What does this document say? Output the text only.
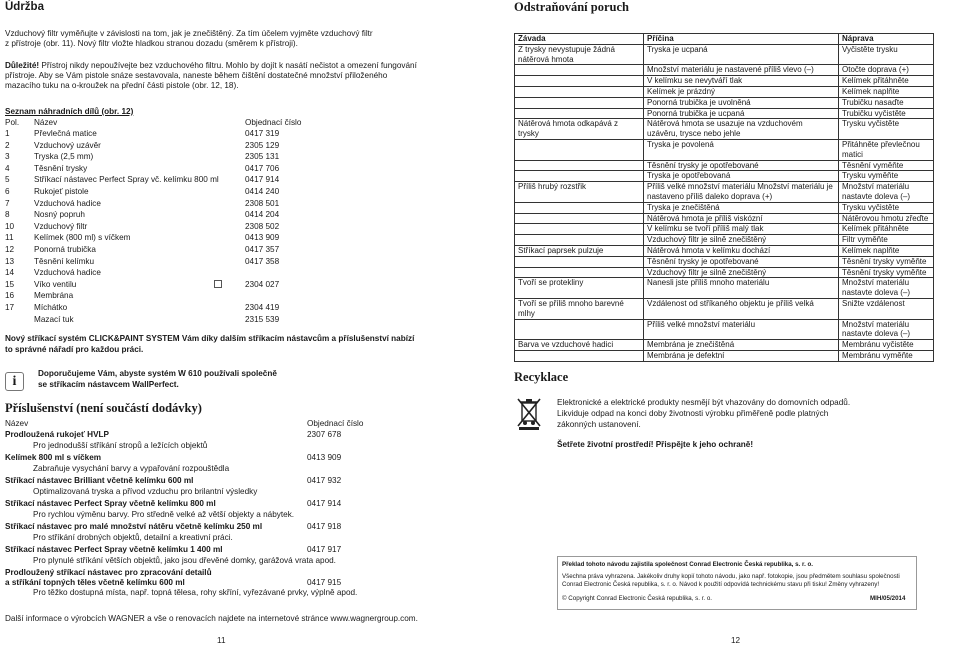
Údržba
Vzduchový filtr vyměňujte v závislosti na tom, jak je znečištěný. Za tím účelem vyjměte vzduchový filtr
z přístroje (obr. 11). Nový filtr vložte hladkou stranou dozadu (směrem k přístroji).
Důležité! Přístroj nikdy nepoužívejte bez vzduchového filtru. Mohlo by dojít k nasátí nečistot a omezení fungování
přístroje. Aby se Vám pistole snáze sestavovala, naneste během čištění dostatečné množství přiloženého
mazacího tuku na o-kroužek na přední části pistole (obr. 12, 18).
Seznam náhradních dílů (obr. 12)
Pol. Název	Objednací číslo
1	Převlečná matice	0417 319
2	Vzduchový uzávěr	2305 129
3	Tryska (2,5 mm)	2305 131
4	Těsnění trysky	0417 706
5	Stříkací nástavec Perfect Spray vč. kelímku 800 ml	0417 914
6	Rukojeť pistole	0414 240
7	Vzduchová hadice	2308 501
8	Nosný popruh	0414 204
10 Vzduchový filtr	2308 502
11	Kelímek (800 ml) s víčkem	0413 909
12 Ponorná trubička	0417 357
13 Těsnění kelímku	0417 358
14 Vzduchová hadice
15 Víko ventilu	2304 027
16 Membrána
17 Míchátko	2304 419
Mazací tuk	2315 539
Nový stříkací systém CLICK&PAINT SYSTEM Vám díky dalším stříkacím nástavcům a příslušenství nabízí
to správné nářadí pro každou práci.
i
Doporučujeme Vám, abyste systém W 610 používali společně
se stříkacím nástavcem WallPerfect.
Příslušenství (není součástí dodávky)
Název	Objednací číslo
Prodloužená rukojeť HVLP	2307 678
Pro jednodušší stříkání stropů a ležících objektů
Kelímek 800 ml s víčkem	0413 909
Zabraňuje vysychání barvy a vypařování rozpouštědla
Stříkací nástavec Brilliant včetně kelímku 600 ml	0417 932
Optimalizovaná tryska a přívod vzduchu pro brilantní výsledky
Stříkací nástavec Perfect Spray včetně kelímku 800 ml	0417 914
Pro rychlou výměnu barvy. Pro středně velké až větší objekty a nábytek.
Stříkací nástavec pro malé množství nátěru včetně kelímku 250 ml	0417 918
Pro stříkání drobných objektů, detailní a kreativní práci.
Stříkací nástavec Perfect Spray včetně kelímku 1 400 ml	0417 917
Pro plynulé stříkání větších objektů, jako jsou dřevěné domky, garážová vrata apod.
Prodloužený stříkací nástavec pro zpracování detailů
a stříkání topných těles včetně kelímku 600 ml	0417 915
Pro těžko dostupná místa, např. topná tělesa, rohy skříní, vyřezávané prvky, výplně apod.
Další informace o výrobcích WAGNER a vše o renovacích najdete na internetové stránce www.wagnergroup.com.
11
Odstraňování poruch
Závada	Příčina	Náprava
Z trysky nevystupuje žádná nátěrová hmota	Tryska je ucpaná	Vyčistěte trysku
	Množství materiálu je nastavené příliš vlevo (–)	Otočte doprava (+)
	V kelímku se nevytváří tlak	Kelímek přitáhněte
	Kelímek je prázdný	Kelímek naplňte
	Ponorná trubička je uvolněná	Trubičku nasaďte
	Ponorná trubička je ucpaná	Trubičku vyčistěte
Nátěrová hmota odkapává z trysky	Nátěrová hmota se usazuje na vzduchovém uzávěru, trysce nebo jehle	Trysku vyčistěte
	Tryska je povolená	Přitáhněte převlečnou matici
	Těsnění trysky je opotřebované	Těsnění vyměňte
	Tryska je opotřebovaná	Trysku vyměňte
Příliš hrubý rozstřik	Příliš velké množství materiálu Množství materiálu je nastaveno příliš daleko doprava (+)	Množství materiálu nastavte doleva (–)
	Tryska je znečištěná	Trysku vyčistěte
	Nátěrová hmota je příliš viskózní	Nátěrovou hmotu zřeďte
	V kelímku se tvoří příliš malý tlak	Kelímek přitáhněte
	Vzduchový filtr je silně znečištěný	Filtr vyměňte
Stříkací paprsek pulzuje	Nátěrová hmota v kelímku dochází	Kelímek naplňte
	Těsnění trysky je opotřebované	Těsnění trysky vyměňte
	Vzduchový filtr je silně znečištěný	Těsnění trysky vyměňte
Tvoří se protekliny	Nanesli jste příliš mnoho materiálu	Množství materiálu nastavte doleva (–)
Tvoří se příliš mnoho barevné mlhy	Vzdálenost od stříkaného objektu je příliš velká	Snižte vzdálenost
	Příliš velké množství materiálu	Množství materiálu nastavte doleva (–)
Barva ve vzduchové hadici	Membrána je znečištěná	Membránu vyčistěte
	Membrána je defektní	Membránu vyměňte
Recyklace
Elektronické a elektrické produkty nesmějí být vhazovány do domovních odpadů.
Likviduje odpad na konci doby životnosti výrobku přiměřeně podle platných
zákonných ustanovení.
Šetřete životní prostředí! Přispějte k jeho ochraně!
12
Překlad tohoto návodu zajistila společnost Conrad Electronic Česká republika, s. r. o.
Všechna práva vyhrazena. Jakékoliv druhy kopií tohoto návodu, jako např. fotokopie, jsou předmětem souhlasu společnosti
Conrad Electronic Česká republika, s. r. o. Návod k použití odpovídá technickému stavu při tisku! Změny vyhrazeny!
© Copyright Conrad Electronic Česká republika, s. r. o.	MIH/05/2014
